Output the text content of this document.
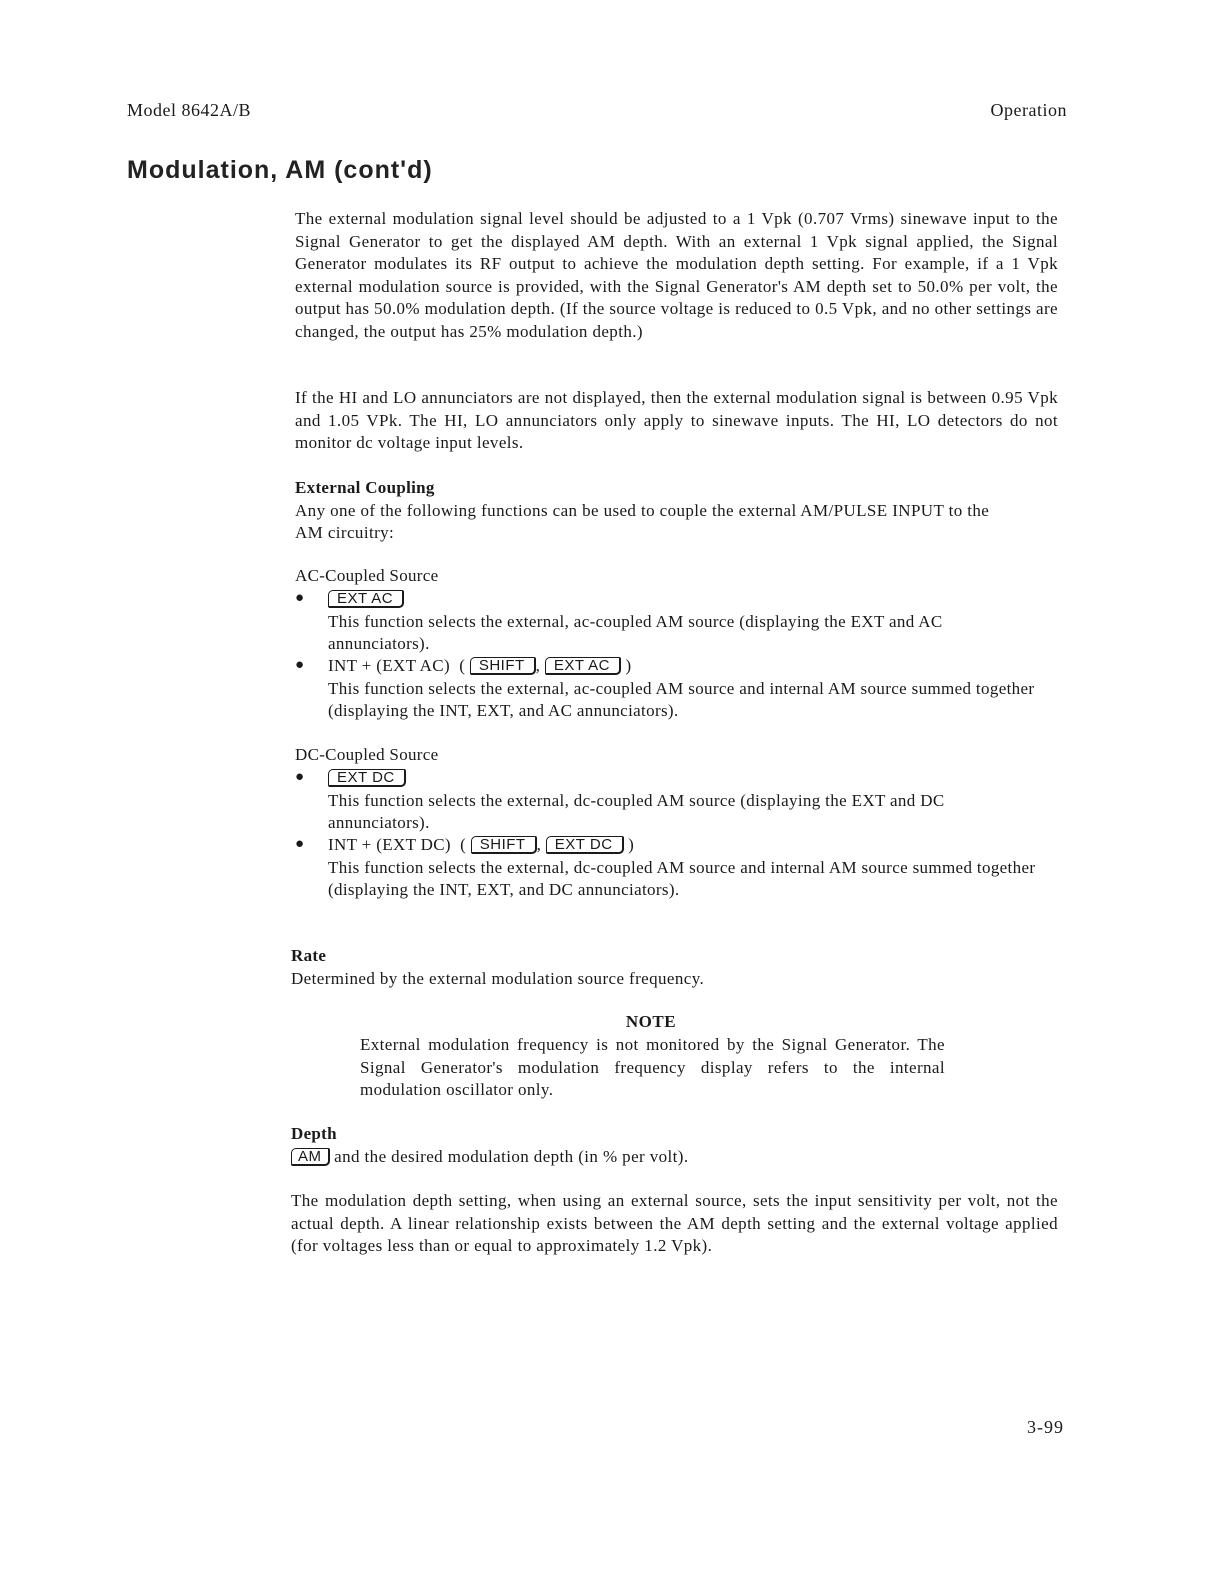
Model 8642A/B	Operation
Modulation, AM (cont'd)

The external modulation signal level should be adjusted to a 1 Vpk (0.707 Vrms) sinewave input to the Signal Generator to get the displayed AM depth. With an external 1 Vpk signal applied, the Signal Generator modulates its RF output to achieve the modulation depth setting. For example, if a 1 Vpk external modulation source is provided, with the Signal Generator's AM depth set to 50.0% per volt, the output has 50.0% modulation depth. (If the source voltage is reduced to 0.5 Vpk, and no other settings are changed, the output has 25% modulation depth.)

If the HI and LO annunciators are not displayed, then the external modulation signal is between 0.95 Vpk and 1.05 VPk. The HI, LO annunciators only apply to sinewave inputs. The HI, LO detectors do not monitor dc voltage input levels.

External Coupling
Any one of the following functions can be used to couple the external AM/PULSE INPUT to the AM circuitry:
AC-Coupled Source
●	EXT AC
This function selects the external, ac-coupled AM source (displaying the EXT and AC annunciators).
● INT + (EXT AC)  ( SHIFT , EXT AC )
This function selects the external, ac-coupled AM source and internal AM source summed together (displaying the INT, EXT, and AC annunciators).
DC-Coupled Source
●	EXT DC
This function selects the external, dc-coupled AM source (displaying the EXT and DC annunciators).
● INT + (EXT DC)  ( SHIFT , EXT DC )
This function selects the external, dc-coupled AM source and internal AM source summed together (displaying the INT, EXT, and DC annunciators).
Rate
Determined by the external modulation source frequency.
NOTE

External modulation frequency is not monitored by the Signal Generator. The Signal Generator's modulation frequency display refers to the internal modulation oscillator only.

Depth
AM and the desired modulation depth (in % per volt).

The modulation depth setting, when using an external source, sets the input sensitivity per volt, not the actual depth. A linear relationship exists between the AM depth setting and the external voltage applied (for voltages less than or equal to approximately 1.2 Vpk).

3-99
